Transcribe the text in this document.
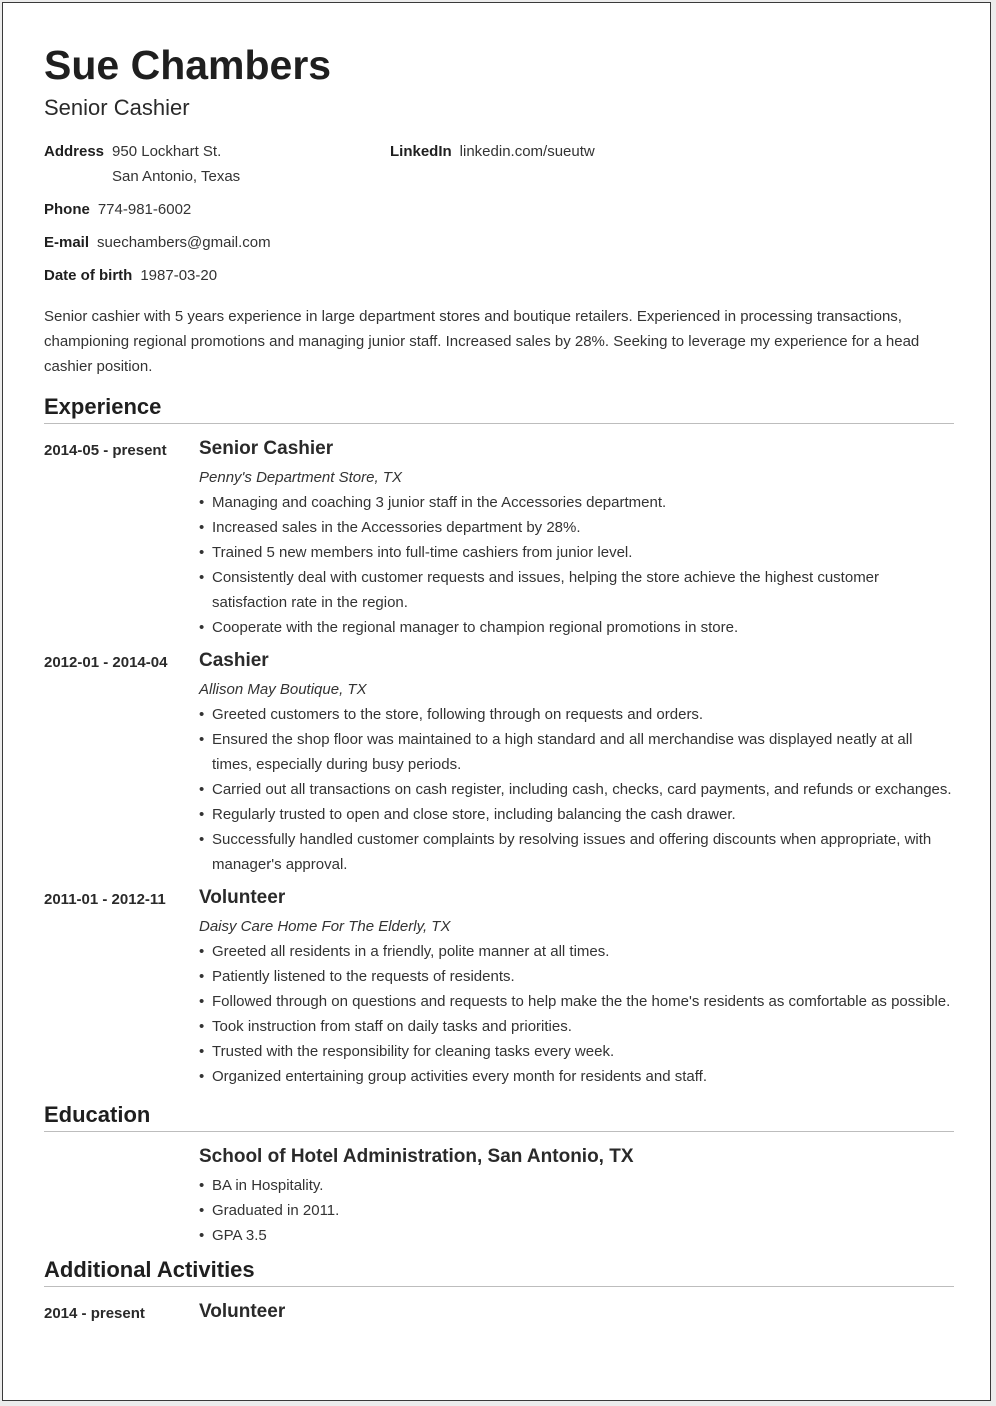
Sue Chambers
Senior Cashier
Address 950 Lockhart St.
San Antonio, Texas
LinkedIn linkedin.com/sueutw
Phone 774-981-6002
E-mail suechambers@gmail.com
Date of birth 1987-03-20
Senior cashier with 5 years experience in large department stores and boutique retailers. Experienced in processing transactions, championing regional promotions and managing junior staff. Increased sales by 28%. Seeking to leverage my experience for a head cashier position.
Experience
2014-05 - present	Senior Cashier
Penny's Department Store, TX
• Managing and coaching 3 junior staff in the Accessories department.
• Increased sales in the Accessories department by 28%.
• Trained 5 new members into full-time cashiers from junior level.
• Consistently deal with customer requests and issues, helping the store achieve the highest customer satisfaction rate in the region.
• Cooperate with the regional manager to champion regional promotions in store.
2012-01 - 2014-04	Cashier
Allison May Boutique, TX
• Greeted customers to the store, following through on requests and orders.
• Ensured the shop floor was maintained to a high standard and all merchandise was displayed neatly at all times, especially during busy periods.
• Carried out all transactions on cash register, including cash, checks, card payments, and refunds or exchanges.
• Regularly trusted to open and close store, including balancing the cash drawer.
• Successfully handled customer complaints by resolving issues and offering discounts when appropriate, with manager's approval.
2011-01 - 2012-11	Volunteer
Daisy Care Home For The Elderly, TX
• Greeted all residents in a friendly, polite manner at all times.
• Patiently listened to the requests of residents.
• Followed through on questions and requests to help make the the home's residents as comfortable as possible.
• Took instruction from staff on daily tasks and priorities.
• Trusted with the responsibility for cleaning tasks every week.
• Organized entertaining group activities every month for residents and staff.
Education
School of Hotel Administration, San Antonio, TX
• BA in Hospitality.
• Graduated in 2011.
• GPA 3.5
Additional Activities
2014 - present	Volunteer
